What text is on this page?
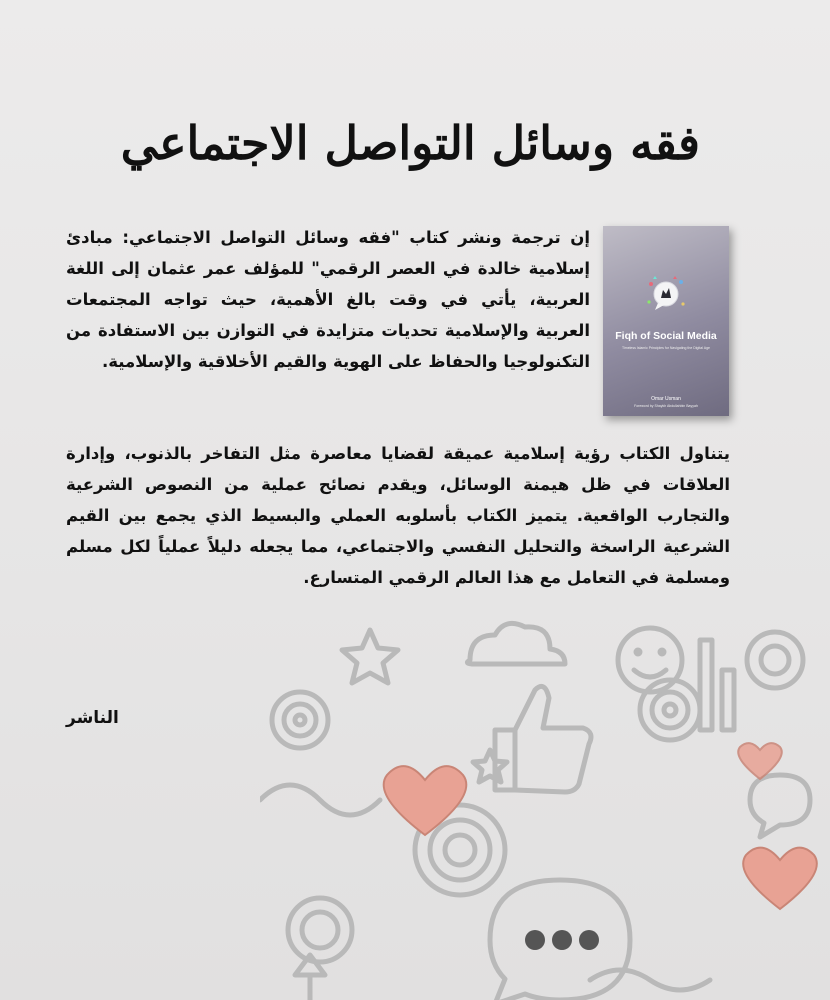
فقه وسائل التواصل الاجتماعي
Fiqh of Social Media
Timeless Islamic Principles for Navigating the Digital Age
Omar Usman
Foreword by Shaykh Abdullahbin Bayyah
إن ترجمة ونشر كتاب "فقه وسائل التواصل الاجتماعي: مبادئ إسلامية خالدة في العصر الرقمي" للمؤلف عمر عثمان إلى اللغة العربية، يأتي في وقت بالغ الأهمية، حيث تواجه المجتمعات العربية والإسلامية تحديات متزايدة في التوازن بين الاستفادة من التكنولوجيا والحفاظ على الهوية والقيم الأخلاقية والإسلامية.
يتناول الكتاب رؤية إسلامية عميقة لقضايا معاصرة مثل التفاخر بالذنوب، وإدارة العلاقات في ظل هيمنة الوسائل، ويقدم نصائح عملية من النصوص الشرعية والتجارب الواقعية. يتميز الكتاب بأسلوبه العملي والبسيط الذي يجمع بين القيم الشرعية الراسخة والتحليل النفسي والاجتماعي، مما يجعله دليلاً عملياً لكل مسلم ومسلمة في التعامل مع هذا العالم الرقمي المتسارع.
الناشر
